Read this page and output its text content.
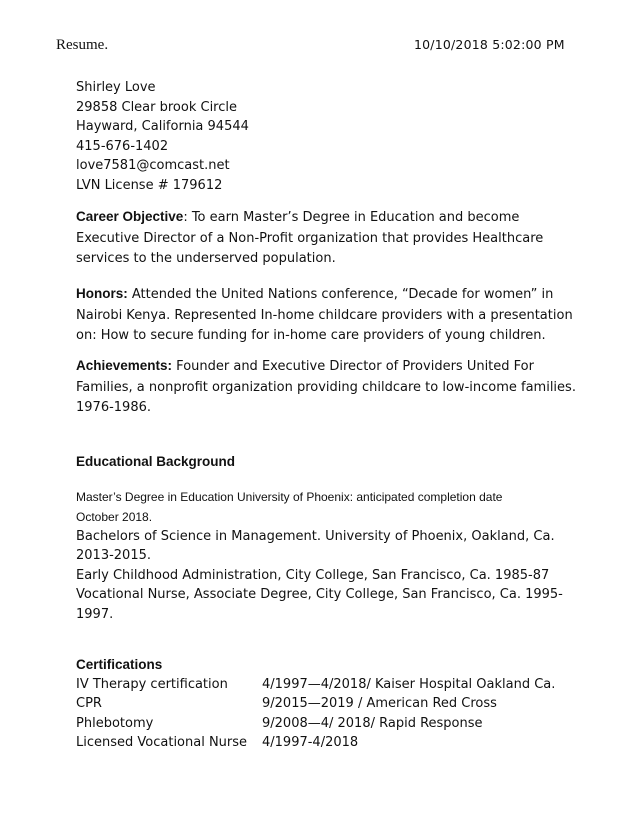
Resume.	10/10/2018 5:02:00 PM
Shirley Love
29858 Clear brook Circle
Hayward, California 94544
415-676-1402
love7581@comcast.net
LVN License # 179612
Career Objective: To earn Master’s Degree in Education and become Executive Director of a Non-Profit organization that provides Healthcare services to the underserved population.
Honors: Attended the United Nations conference, “Decade for women” in Nairobi Kenya. Represented In-home childcare providers with a presentation on: How to secure funding for in-home care providers of young children.
Achievements: Founder and Executive Director of Providers United For Families, a nonprofit organization providing childcare to low-income families. 1976-1986.
Educational Background
Master’s Degree in Education University of Phoenix: anticipated completion date
October 2018.
Bachelors of Science in Management. University of Phoenix, Oakland, Ca.
2013-2015.
Early Childhood Administration, City College, San Francisco, Ca. 1985-87
Vocational Nurse, Associate Degree, City College, San Francisco, Ca. 1995-
1997.
Certifications
IV Therapy certification	4/1997—4/2018/ Kaiser Hospital Oakland Ca.
CPR	9/2015—2019 / American Red Cross
Phlebotomy	9/2008—4/ 2018/ Rapid Response
Licensed Vocational Nurse	4/1997-4/2018
